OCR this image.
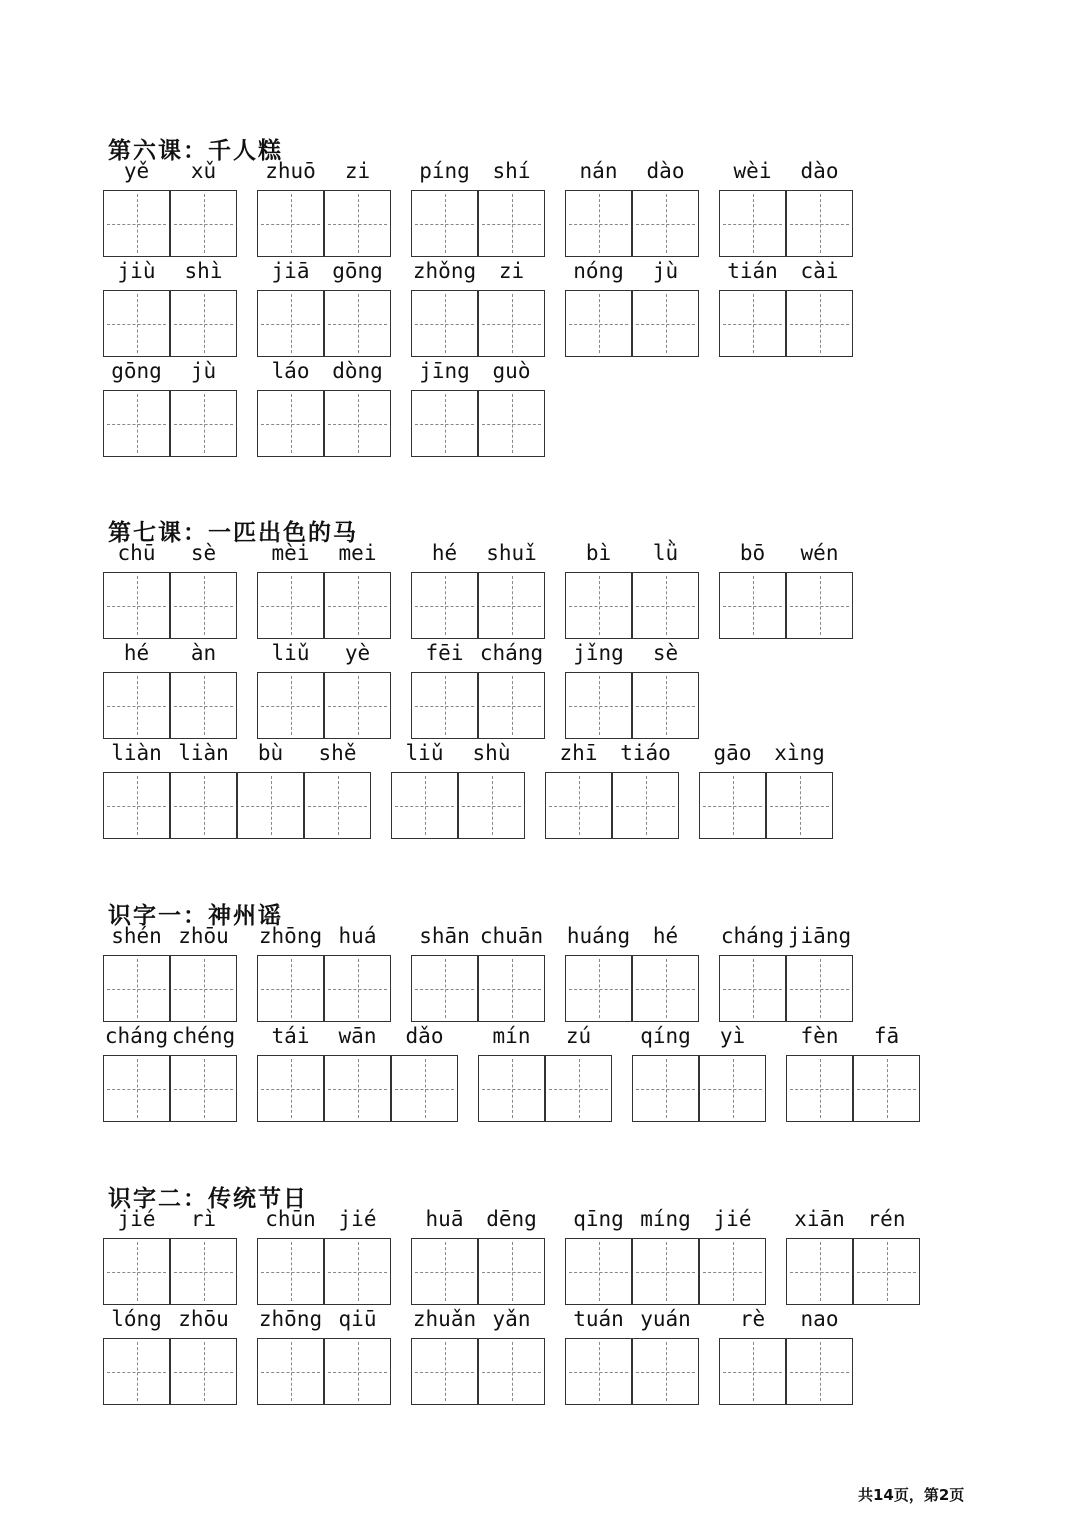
第六课：千人糕
yě	xǔ	zhuō	zi	píng	shí	nán	dào	wèi	dào
jiù	shì	jiā	gōng	zhǒng	zi	nóng	jù	tián	cài
gōng	jù	láo	dòng	jīng	guò
第七课：一匹出色的马
chū	sè	mèi	mei	hé	shuǐ	bì	lǜ	bō	wén
hé	àn	liǔ	yè	fēi cháng	jǐng	sè
liàn liàn	bù	shě	liǔ	shù	zhī	tiáo	gāo	xìng
识字一：神州谣
shén zhōu	zhōng huá	shān chuān huáng	hé	cháng jiāng
cháng chéng	tái	wān	dǎo	mín	zú	qíng	yì	fèn	fā
识字二：传统节日
jié	rì	chūn	jié	huā	dēng	qīng míng	jié	xiān	rén
lóng zhōu	zhōng qiū	zhuǎn yǎn	tuán yuán	rè	nao
共14页，第2页
